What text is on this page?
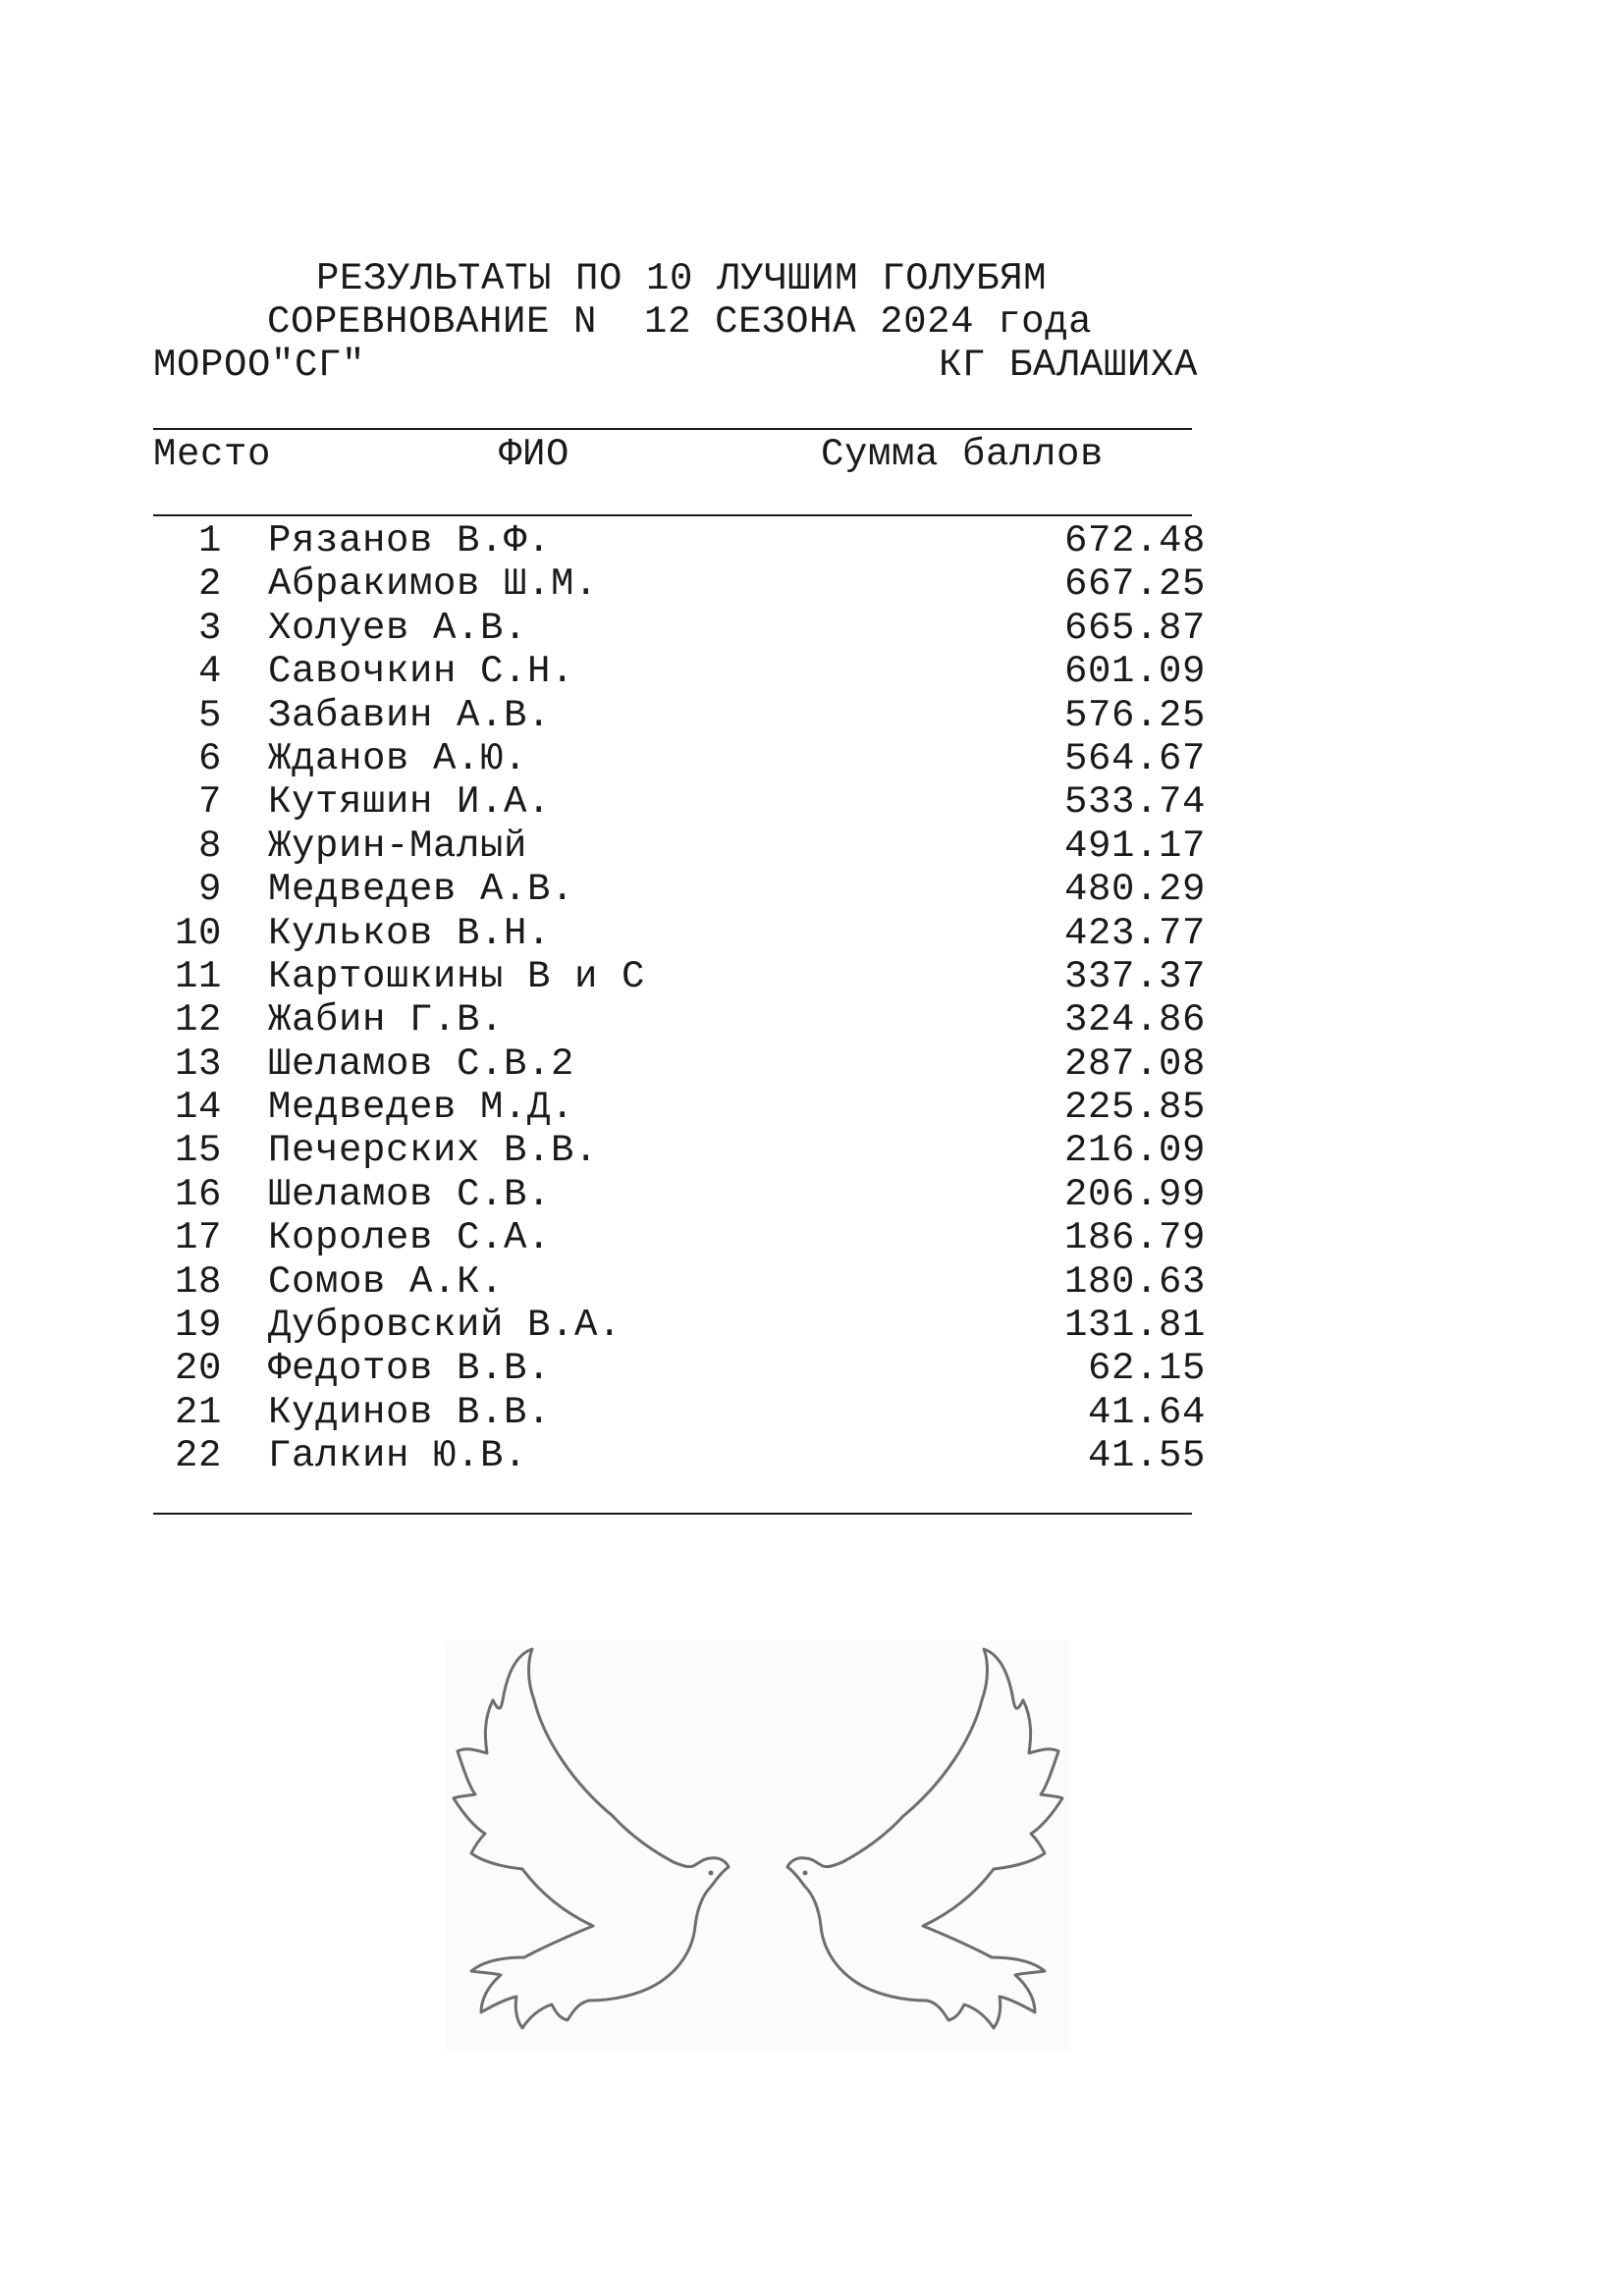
РЕЗУЛЬТАТЫ ПО 10 ЛУЧШИМ ГОЛУБЯМ
СОРЕВНОВАНИЕ N  12 СЕЗОНА 2024 года
МОРОО"СГ"	КГ БАЛАШИХА
Место	ФИО	Сумма баллов
1 Рязанов В.Ф.	672.48
2 Абракимов Ш.М.	667.25
3 Холуев А.В.	665.87
4 Савочкин С.Н.	601.09
5 Забавин А.В.	576.25
6 Жданов А.Ю.	564.67
7 Кутяшин И.А.	533.74
8 Журин-Малый	491.17
9 Медведев А.В.	480.29
10 Кульков В.Н.	423.77
11 Картошкины В и С	337.37
12 Жабин Г.В.	324.86
13 Шеламов С.В.2	287.08
14 Медведев М.Д.	225.85
15 Печерских В.В.	216.09
16 Шеламов С.В.	206.99
17 Королев С.А.	186.79
18 Сомов А.К.	180.63
19 Дубровский В.А.	131.81
20 Федотов В.В.	62.15
21 Кудинов В.В.	41.64
22 Галкин Ю.В.	41.55
